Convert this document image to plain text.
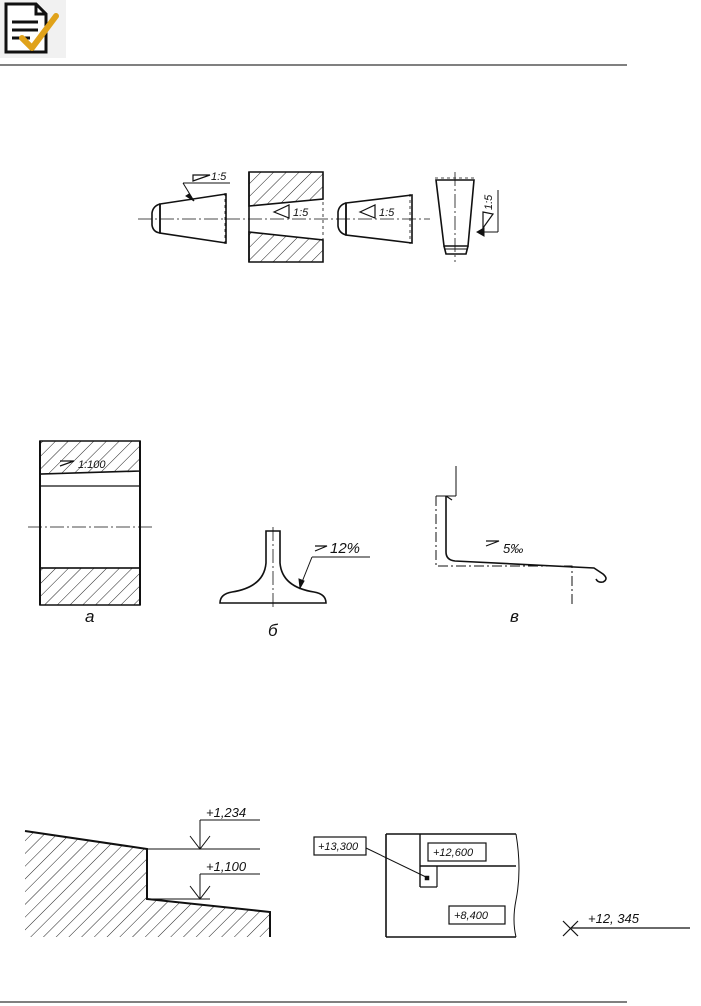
1:5
1:5	1:5
1:5
1:100
12%	5‰
а
б
в
+1,234
+1,100
+13,300	+12,600
+8,400	+12, 345
